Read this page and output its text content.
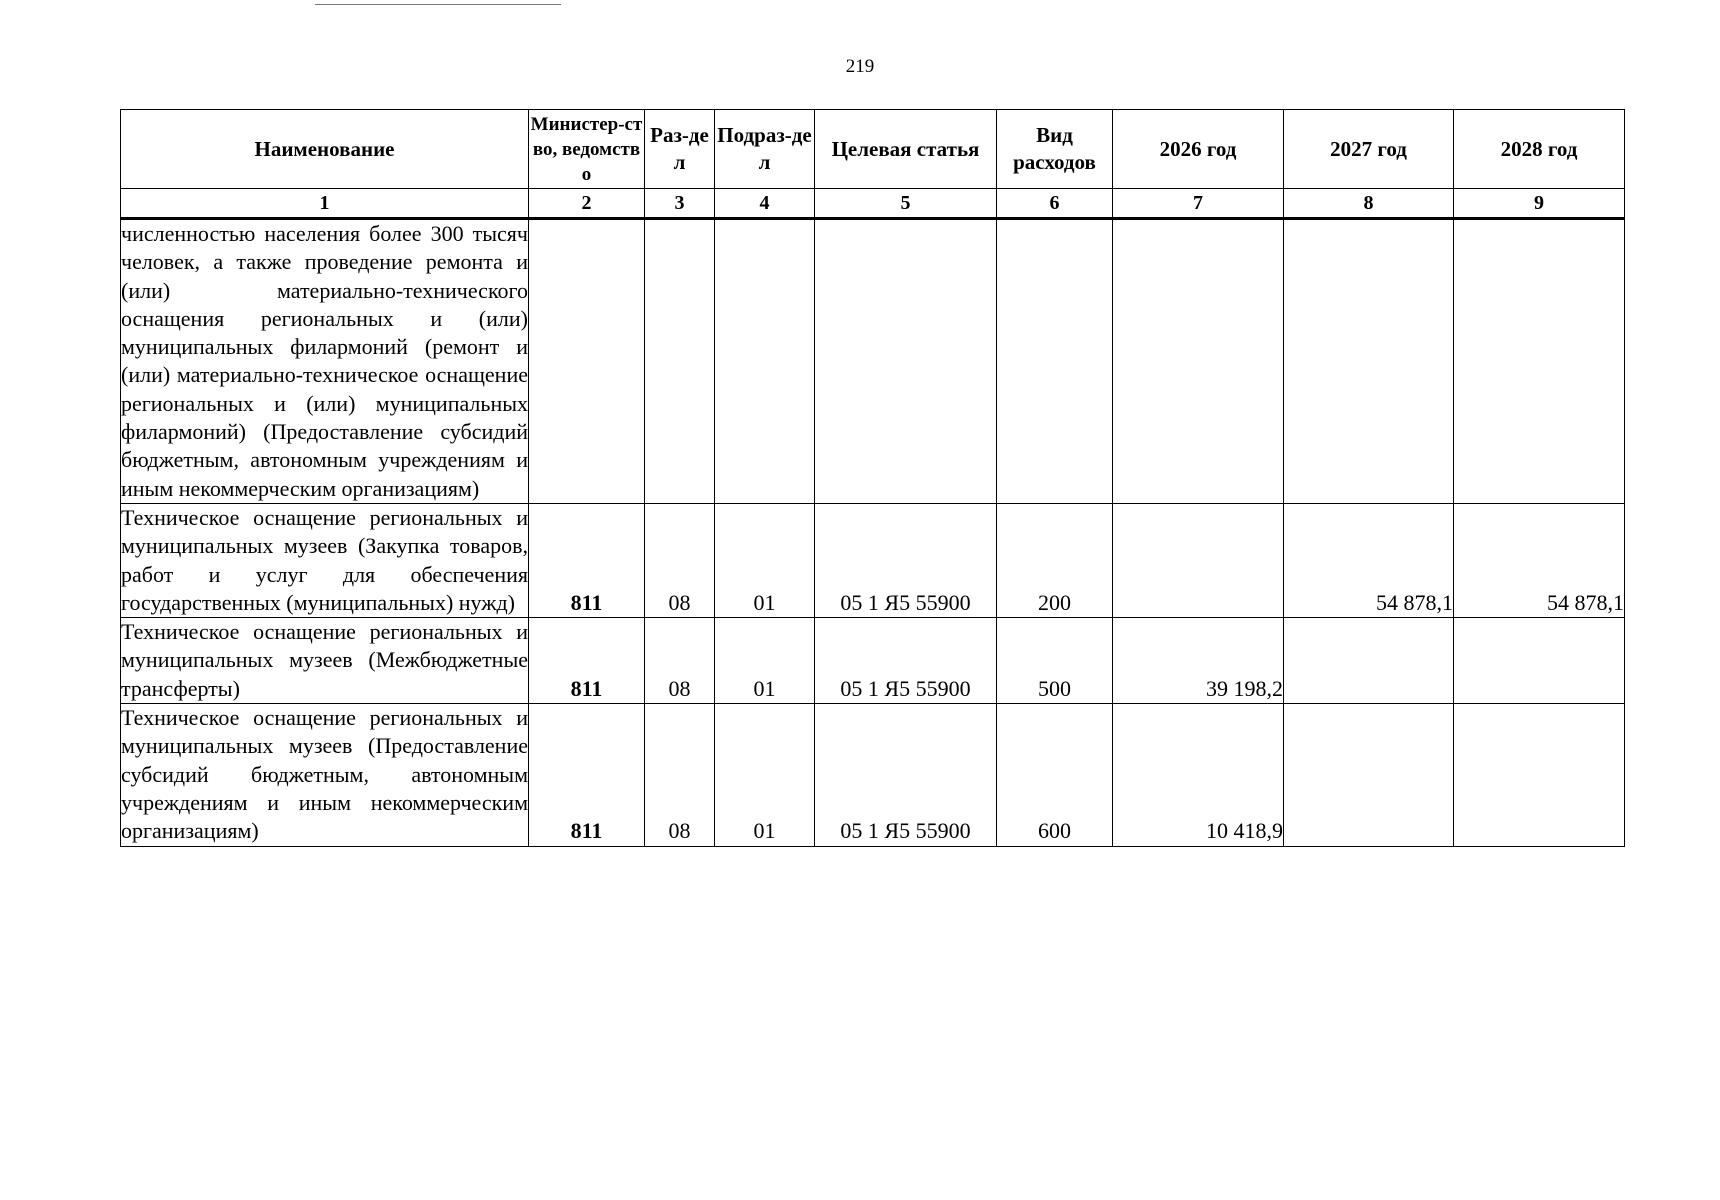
219
Наименование	Министер-ство, ведомство	Раз-дел	Подраз-дел	Целевая статья	Вид расходов	2026 год	2027 год	2028 год
1	2	3	4	5	6	7	8	9
численностью населения более 300 тысяч человек, а также проведение ремонта и (или) материально-технического оснащения региональных и (или) муниципальных филармоний (ремонт и (или) материально-техническое оснащение региональных и (или) муниципальных филармоний) (Предоставление субсидий бюджетным, автономным учреждениям и иным некоммерческим организациям)								
Техническое оснащение региональных и муниципальных музеев (Закупка товаров, работ и услуг для обеспечения государственных (муниципальных) нужд)	811	08	01	05 1 Я5 55900	200		54 878,1	54 878,1
Техническое оснащение региональных и муниципальных музеев (Межбюджетные трансферты)	811	08	01	05 1 Я5 55900	500	39 198,2		
Техническое оснащение региональных и муниципальных музеев (Предоставление субсидий бюджетным, автономным учреждениям и иным некоммерческим организациям)	811	08	01	05 1 Я5 55900	600	10 418,9		
